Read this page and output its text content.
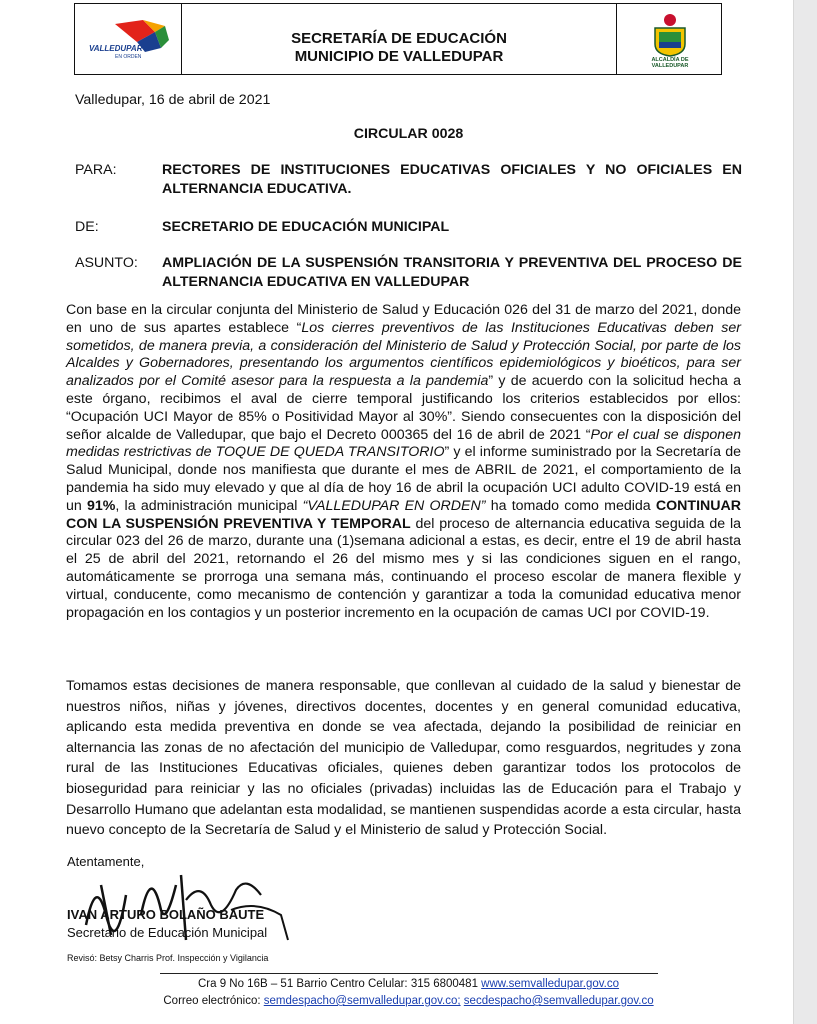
VALLEDUPAR
EN ORDEN
SECRETARÍA DE EDUCACIÓN
MUNICIPIO DE VALLEDUPAR	ALCALDÍA DE VALLEDUPAR
Valledupar, 16 de abril de 2021
CIRCULAR 0028
PARA:	RECTORES DE INSTITUCIONES EDUCATIVAS OFICIALES Y NO OFICIALES EN ALTERNANCIA EDUCATIVA.
DE:	SECRETARIO DE EDUCACIÓN MUNICIPAL
ASUNTO: AMPLIACIÓN DE LA SUSPENSIÓN TRANSITORIA Y PREVENTIVA DEL PROCESO DE ALTERNANCIA EDUCATIVA EN VALLEDUPAR
Con base en la circular conjunta del Ministerio de Salud y Educación 026 del 31 de marzo del 2021, donde en uno de sus apartes establece “Los cierres preventivos de las Instituciones Educativas deben ser sometidos, de manera previa, a consideración del Ministerio de Salud y Protección Social, por parte de los Alcaldes y Gobernadores, presentando los argumentos científicos epidemiológicos y bioéticos, para ser analizados por el Comité asesor para la respuesta a la pandemia” y de acuerdo con la solicitud hecha a este órgano, recibimos el aval de cierre temporal justificando los criterios establecidos por ellos: “Ocupación UCI Mayor de 85% o Positividad Mayor al 30%”. Siendo consecuentes con la disposición del señor alcalde de Valledupar, que bajo el Decreto 000365 del 16 de abril de 2021 “Por el cual se disponen medidas restrictivas de TOQUE DE QUEDA TRANSITORIO” y el informe suministrado por la Secretaría de Salud Municipal, donde nos manifiesta que durante el mes de ABRIL de 2021, el comportamiento de la pandemia ha sido muy elevado y que al día de hoy 16 de abril la ocupación UCI adulto COVID-19 está en un 91%, la administración municipal “VALLEDUPAR EN ORDEN” ha tomado como medida CONTINUAR CON LA SUSPENSIÓN PREVENTIVA Y TEMPORAL del proceso de alternancia educativa seguida de la circular 023 del 26 de marzo, durante una (1)semana adicional a estas, es decir, entre el 19 de abril hasta el 25 de abril del 2021, retornando el 26 del mismo mes y si las condiciones siguen en el rango, automáticamente se prorroga una semana más, continuando el proceso escolar de manera flexible y virtual, conducente, como mecanismo de contención y garantizar a toda la comunidad educativa menor propagación en los contagios y un posterior incremento en la ocupación de camas UCI por COVID-19.
Tomamos estas decisiones de manera responsable, que conllevan al cuidado de la salud y bienestar de nuestros niños, niñas y jóvenes, directivos docentes, docentes y en general comunidad educativa, aplicando esta medida preventiva en donde se vea afectada, dejando la posibilidad de reiniciar en alternancia las zonas de no afectación del municipio de Valledupar, como resguardos, negritudes y zona rural de las Instituciones Educativas oficiales, quienes deben garantizar todos los protocolos de bioseguridad para reiniciar y las no oficiales (privadas) incluidas las de Educación para el Trabajo y Desarrollo Humano que adelantan esta modalidad, se mantienen suspendidas acorde a esta circular, hasta nuevo concepto de la Secretaría de Salud y el Ministerio de salud y Protección Social.
Atentamente,
IVAN ARTURO BOLAÑO BAUTE
Secretario de Educación Municipal
Revisó: Betsy Charris Prof. Inspección y Vigilancia
Cra 9 No 16B – 51 Barrio Centro Celular: 315 6800481 www.semvalledupar.gov.co
Correo electrónico: semdespacho@semvalledupar.gov.co; secdespacho@semvalledupar.gov.co
